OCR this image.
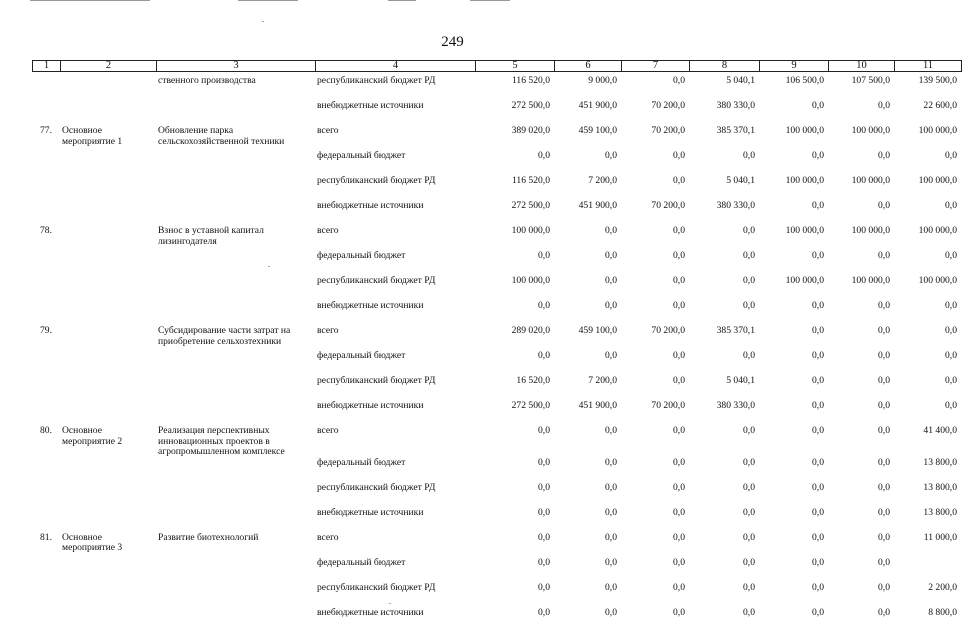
249
1	2	3	4	5	6	7	8	9	10	11
		ственного производства	республиканский бюджет РД	116 520,0	9 000,0	0,0	5 040,1	106 500,0	107 500,0	139 500,0
			внебюджетные источники	272 500,0	451 900,0	70 200,0	380 330,0	0,0	0,0	22 600,0
77.	Основное мероприятие 1	Обновление парка сельскохозяйственной техники	всего	389 020,0	459 100,0	70 200,0	385 370,1	100 000,0	100 000,0	100 000,0
			федеральный бюджет	0,0	0,0	0,0	0,0	0,0	0,0	0,0
			республиканский бюджет РД	116 520,0	7 200,0	0,0	5 040,1	100 000,0	100 000,0	100 000,0
			внебюджетные источники	272 500,0	451 900,0	70 200,0	380 330,0	0,0	0,0	0,0
78.		Взнос в уставной капитал лизингодателя	всего	100 000,0	0,0	0,0	0,0	100 000,0	100 000,0	100 000,0
			федеральный бюджет	0,0	0,0	0,0	0,0	0,0	0,0	0,0
			республиканский бюджет РД	100 000,0	0,0	0,0	0,0	100 000,0	100 000,0	100 000,0
			внебюджетные источники	0,0	0,0	0,0	0,0	0,0	0,0	0,0
79.		Субсидирование части затрат на приобретение сельхозтехники	всего	289 020,0	459 100,0	70 200,0	385 370,1	0,0	0,0	0,0
			федеральный бюджет	0,0	0,0	0,0	0,0	0,0	0,0	0,0
			республиканский бюджет РД	16 520,0	7 200,0	0,0	5 040,1	0,0	0,0	0,0
			внебюджетные источники	272 500,0	451 900,0	70 200,0	380 330,0	0,0	0,0	0,0
80.	Основное мероприятие 2	Реализация перспективных инновационных проектов в агропромышленном комплексе	всего	0,0	0,0	0,0	0,0	0,0	0,0	41 400,0
			федеральный бюджет	0,0	0,0	0,0	0,0	0,0	0,0	13 800,0
			республиканский бюджет РД	0,0	0,0	0,0	0,0	0,0	0,0	13 800,0
			внебюджетные источники	0,0	0,0	0,0	0,0	0,0	0,0	13 800,0
81.	Основное мероприятие 3	Развитие биотехнологий	всего	0,0	0,0	0,0	0,0	0,0	0,0	11 000,0
			федеральный бюджет	0,0	0,0	0,0	0,0	0,0	0,0	
			республиканский бюджет РД	0,0	0,0	0,0	0,0	0,0	0,0	2 200,0
			внебюджетные источники	0,0	0,0	0,0	0,0	0,0	0,0	8 800,0
